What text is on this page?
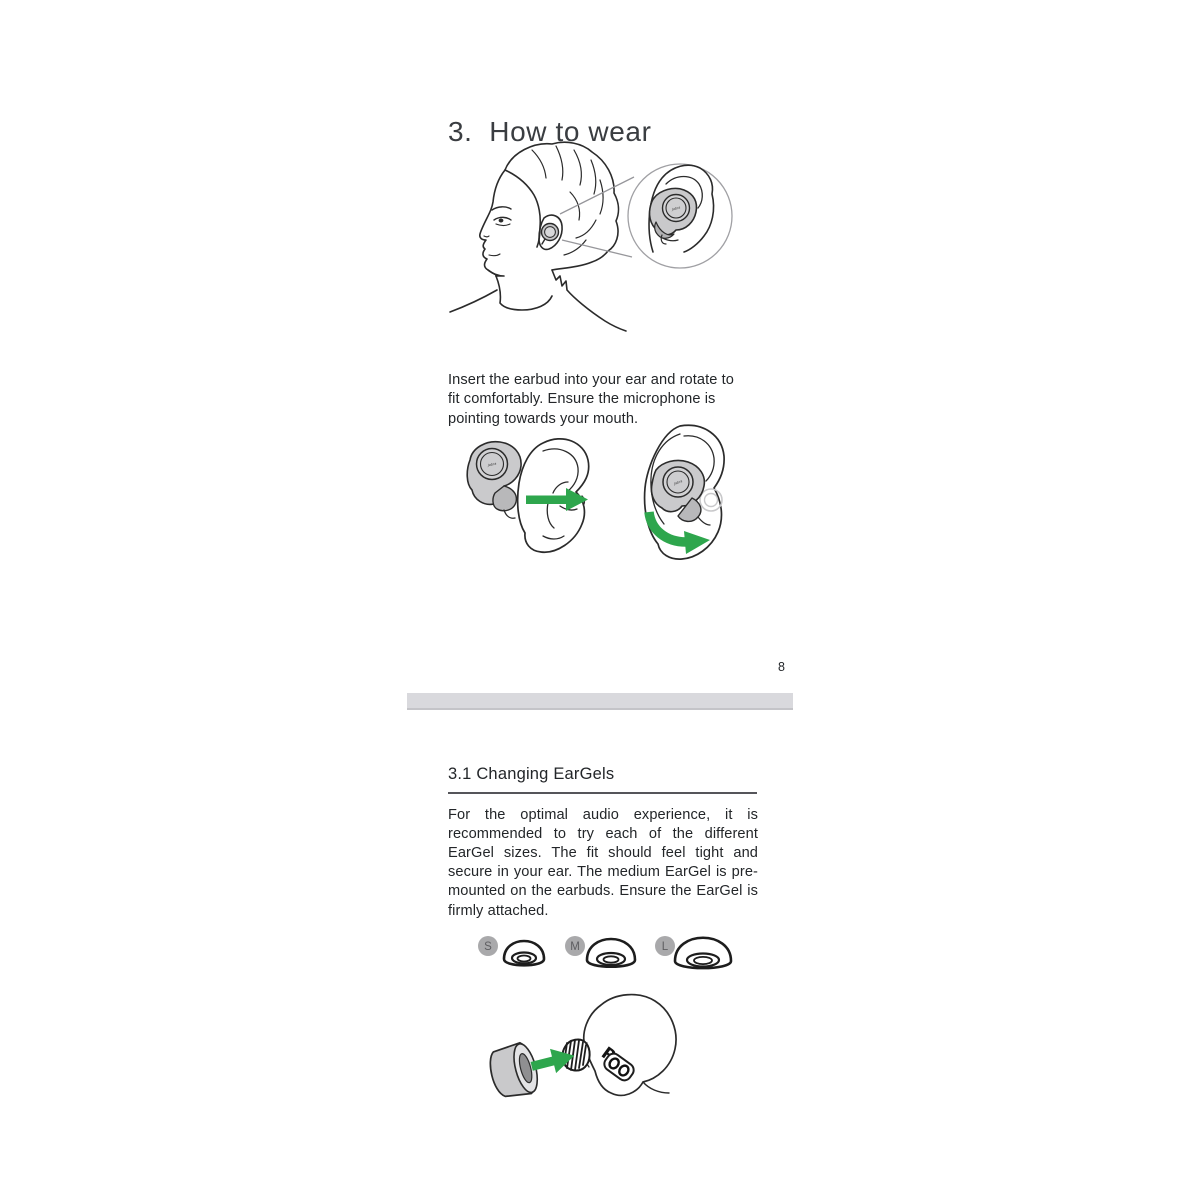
3.  How to wear
Jabra

Insert the earbud into your ear and rotate to fit comfortably. Ensure the microphone is pointing towards your mouth.

Jabra
Jabra
8
3.1 Changing EarGels

For the optimal audio experience, it is recommended to try each of the different EarGel sizes. The fit should feel tight and secure in your ear. The medium EarGel is pre-mounted on the earbuds. Ensure the EarGel is firmly attached.

S	M	L
